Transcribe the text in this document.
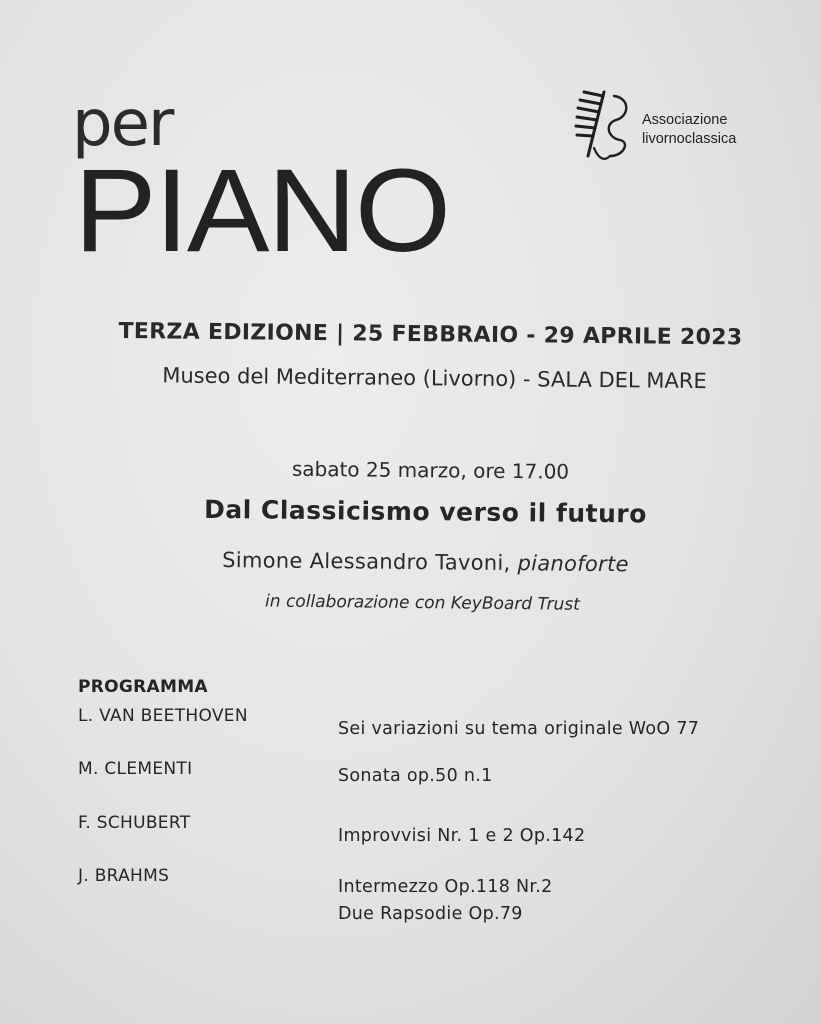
per
PIANO
Associazione
livornoclassica
TERZA EDIZIONE | 25 FEBBRAIO - 29 APRILE 2023
Museo del Mediterraneo (Livorno) - SALA DEL MARE
sabato 25 marzo, ore 17.00
Dal Classicismo verso il futuro
Simone Alessandro Tavoni, pianoforte
in collaborazione con KeyBoard Trust
PROGRAMMA
L. VAN BEETHOVEN
Sei variazioni su tema originale WoO 77
M. CLEMENTI	Sonata op.50 n.1
F. SCHUBERT
Improvvisi Nr. 1 e 2 Op.142
J. BRAHMS
Intermezzo Op.118 Nr.2
Due Rapsodie Op.79
